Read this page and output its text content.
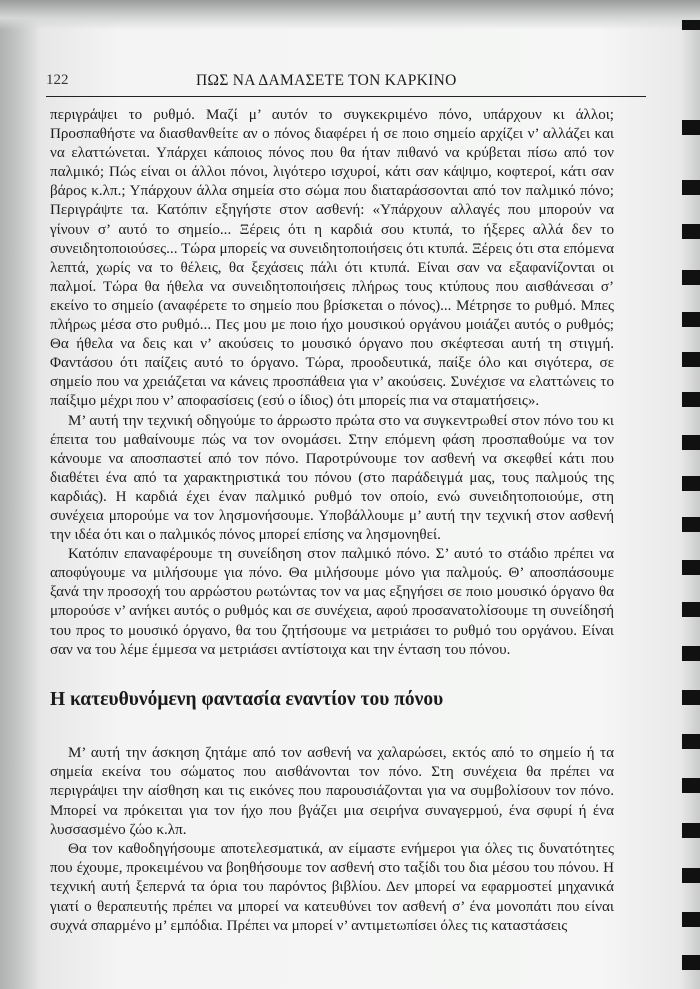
122	ΠΩΣ ΝΑ ΔΑΜΑΣΕΤΕ ΤΟΝ ΚΑΡΚΙΝΟ

περιγράψει το ρυθμό. Μαζί μ’ αυτόν το συγκεκριμένο πόνο, υπάρχουν κι άλλοι; Προσπαθήστε να διασθανθείτε αν ο πόνος διαφέρει ή σε ποιο σημείο αρχίζει ν’ αλλάζει και να ελαττώνεται. Υπάρχει κάποιος πόνος που θα ήταν πιθανό να κρύβεται πίσω από τον παλμικό; Πώς είναι οι άλλοι πόνοι, λιγότερο ισχυροί, κάτι σαν κάψιμο, κοφτεροί, κάτι σαν βάρος κ.λπ.; Υπάρχουν άλλα σημεία στο σώμα που διαταράσσονται από τον παλμικό πόνο; Περιγράψτε τα. Κατόπιν εξηγήστε στον ασθενή: «Υπάρχουν αλλαγές που μπορούν να γίνουν σ’ αυτό το σημείο... Ξέρεις ότι η καρδιά σου κτυπά, το ήξερες αλλά δεν το συνειδητοποιούσες... Τώρα μπορείς να συνειδητοποιήσεις ότι κτυπά. Ξέρεις ότι στα επόμενα λεπτά, χωρίς να το θέλεις, θα ξεχάσεις πάλι ότι κτυπά. Είναι σαν να εξαφανίζονται οι παλμοί. Τώρα θα ήθελα να συνειδητοποιήσεις πλήρως τους κτύπους που αισθάνεσαι σ’ εκείνο το σημείο (αναφέρετε το σημείο που βρίσκεται ο πόνος)... Μέτρησε το ρυθμό. Μπες πλήρως μέσα στο ρυθμό... Πες μου με ποιο ήχο μουσικού οργάνου μοιάζει αυτός ο ρυθμός; Θα ήθελα να δεις και ν’ ακούσεις το μουσικό όργανο που σκέφτεσαι αυτή τη στιγμή. Φαντάσου ότι παίζεις αυτό το όργανο. Τώρα, προοδευτικά, παίξε όλο και σιγότερα, σε σημείο που να χρειάζεται να κάνεις προσπάθεια για ν’ ακούσεις. Συνέχισε να ελαττώνεις το παίξιμο μέχρι που ν’ αποφασίσεις (εσύ ο ίδιος) ότι μπορείς πια να σταματήσεις».

Μ’ αυτή την τεχνική οδηγούμε το άρρωστο πρώτα στο να συγκεντρωθεί στον πόνο του κι έπειτα του μαθαίνουμε πώς να τον ονομάσει. Στην επόμενη φάση προσπαθούμε να τον κάνουμε να αποσπαστεί από τον πόνο. Παροτρύνουμε τον ασθενή να σκεφθεί κάτι που διαθέτει ένα από τα χαρακτηριστικά του πόνου (στο παράδειγμά μας, τους παλμούς της καρδιάς). Η καρδιά έχει έναν παλμικό ρυθμό τον οποίο, ενώ συνειδητοποιούμε, στη συνέχεια μπορούμε να τον λησμονήσουμε. Υποβάλλουμε μ’ αυτή την τεχνική στον ασθενή την ιδέα ότι και ο παλμικός πόνος μπορεί επίσης να λησμονηθεί.

Κατόπιν επαναφέρουμε τη συνείδηση στον παλμικό πόνο. Σ’ αυτό το στάδιο πρέπει να αποφύγουμε να μιλήσουμε για πόνο. Θα μιλήσουμε μόνο για παλμούς. Θ’ αποσπάσουμε ξανά την προσοχή του αρρώστου ρωτώντας τον να μας εξηγήσει σε ποιο μουσικό όργανο θα μπορούσε ν’ ανήκει αυτός ο ρυθμός και σε συνέχεια, αφού προσανατολίσουμε τη συνείδησή του προς το μουσικό όργανο, θα του ζητήσουμε να μετριάσει το ρυθμό του οργάνου. Είναι σαν να του λέμε έμμεσα να μετριάσει αντίστοιχα και την ένταση του πόνου.

Η κατευθυνόμενη φαντασία εναντίον του πόνου

Μ’ αυτή την άσκηση ζητάμε από τον ασθενή να χαλαρώσει, εκτός από το σημείο ή τα σημεία εκείνα του σώματος που αισθάνονται τον πόνο. Στη συνέχεια θα πρέπει να περιγράψει την αίσθηση και τις εικόνες που παρουσιάζονται για να συμβολίσουν τον πόνο. Μπορεί να πρόκειται για τον ήχο που βγάζει μια σειρήνα συναγερμού, ένα σφυρί ή ένα λυσσασμένο ζώο κ.λπ.

Θα τον καθοδηγήσουμε αποτελεσματικά, αν είμαστε ενήμεροι για όλες τις δυνατότητες που έχουμε, προκειμένου να βοηθήσουμε τον ασθενή στο ταξίδι του δια μέσου του πόνου. Η τεχνική αυτή ξεπερνά τα όρια του παρόντος βιβλίου. Δεν μπορεί να εφαρμοστεί μηχανικά γιατί ο θεραπευτής πρέπει να μπορεί να κατευθύνει τον ασθενή σ’ ένα μονοπάτι που είναι συχνά σπαρμένο μ’ εμπόδια. Πρέπει να μπορεί ν’ αντιμετωπίσει όλες τις καταστάσεις
